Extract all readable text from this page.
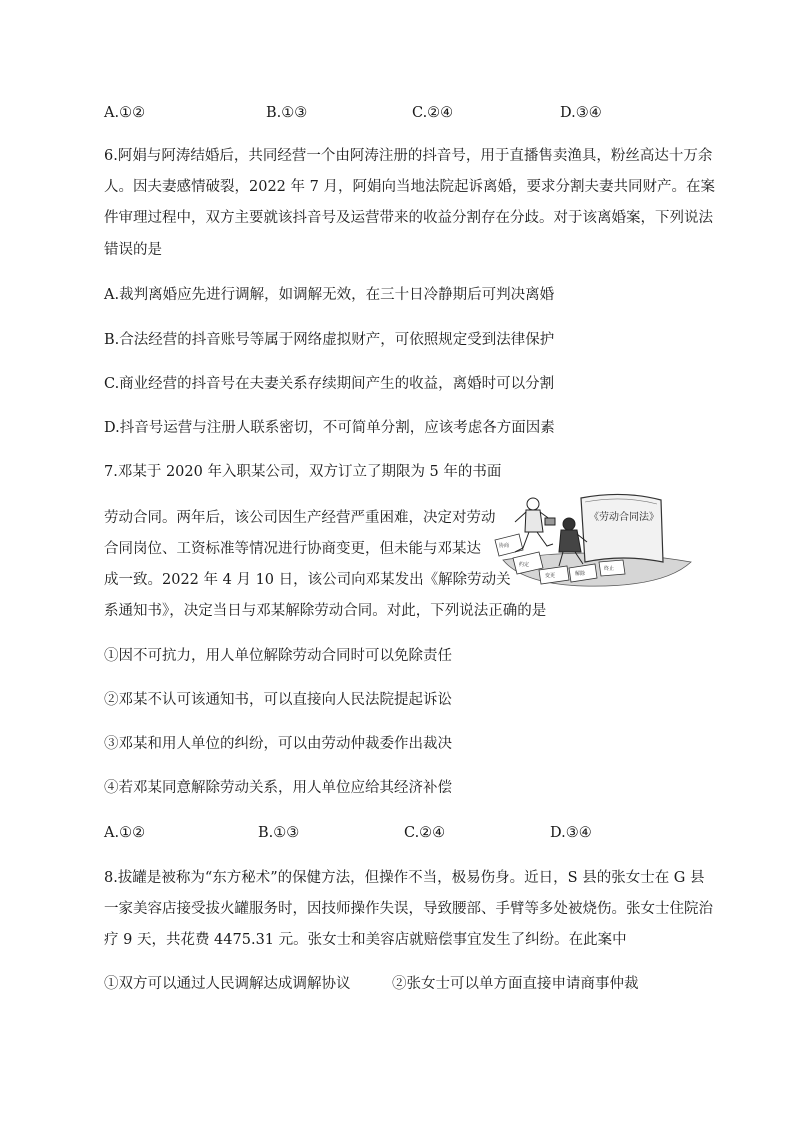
A.①②	B.①③	C.②④	D.③④
6.阿娟与阿涛结婚后，共同经营一个由阿涛注册的抖音号，用于直播售卖渔具，粉丝高达十万余
人。因夫妻感情破裂，2022 年 7 月，阿娟向当地法院起诉离婚，要求分割夫妻共同财产。在案
件审理过程中，双方主要就该抖音号及运营带来的收益分割存在分歧。对于该离婚案，下列说法
错误的是
A.裁判离婚应先进行调解，如调解无效，在三十日冷静期后可判决离婚
B.合法经营的抖音账号等属于网络虚拟财产，可依照规定受到法律保护
C.商业经营的抖音号在夫妻关系存续期间产生的收益，离婚时可以分割
D.抖音号运营与注册人联系密切，不可简单分割，应该考虑各方面因素
7.邓某于 2020 年入职某公司，双方订立了期限为 5 年的书面
劳动合同。两年后，该公司因生产经营严重困难，决定对劳动
合同岗位、工资标准等情况进行协商变更，但未能与邓某达
成一致。2022 年 4 月 10 日，该公司向邓某发出《解除劳动关
系通知书》，决定当日与邓某解除劳动合同。对此，下列说法正确的是
《劳动合同法》
协商
约定
变更	解除
终止
①因不可抗力，用人单位解除劳动合同时可以免除责任
②邓某不认可该通知书，可以直接向人民法院提起诉讼
③邓某和用人单位的纠纷，可以由劳动仲裁委作出裁决
④若邓某同意解除劳动关系，用人单位应给其经济补偿
A.①②	B.①③	C.②④	D.③④
8.拔罐是被称为“东方秘术”的保健方法，但操作不当，极易伤身。近日，S 县的张女士在 G 县
一家美容店接受拔火罐服务时，因技师操作失误，导致腰部、手臂等多处被烧伤。张女士住院治
疗 9 天，共花费 4475.31 元。张女士和美容店就赔偿事宜发生了纠纷。在此案中
①双方可以通过人民调解达成调解协议	②张女士可以单方面直接申请商事仲裁
